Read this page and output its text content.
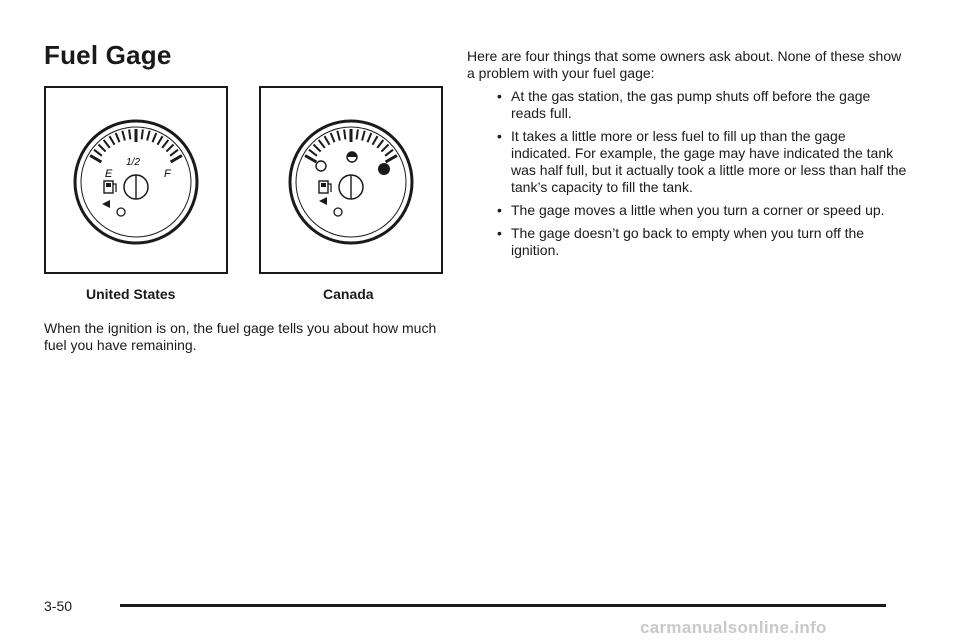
Fuel Gage
E
1/2
F
United States	Canada

When the ignition is on, the fuel gage tells you about how much fuel you have remaining.

Here are four things that some owners ask about. None of these show a problem with your fuel gage:

• At the gas station, the gas pump shuts off before the gage reads full.
• It takes a little more or less fuel to fill up than the gage indicated. For example, the gage may have indicated the tank was half full, but it actually took a little more or less than half the tank’s capacity to fill the tank.
• The gage moves a little when you turn a corner or speed up.
• The gage doesn’t go back to empty when you turn off the ignition.
3-50
carmanualsonline.info
